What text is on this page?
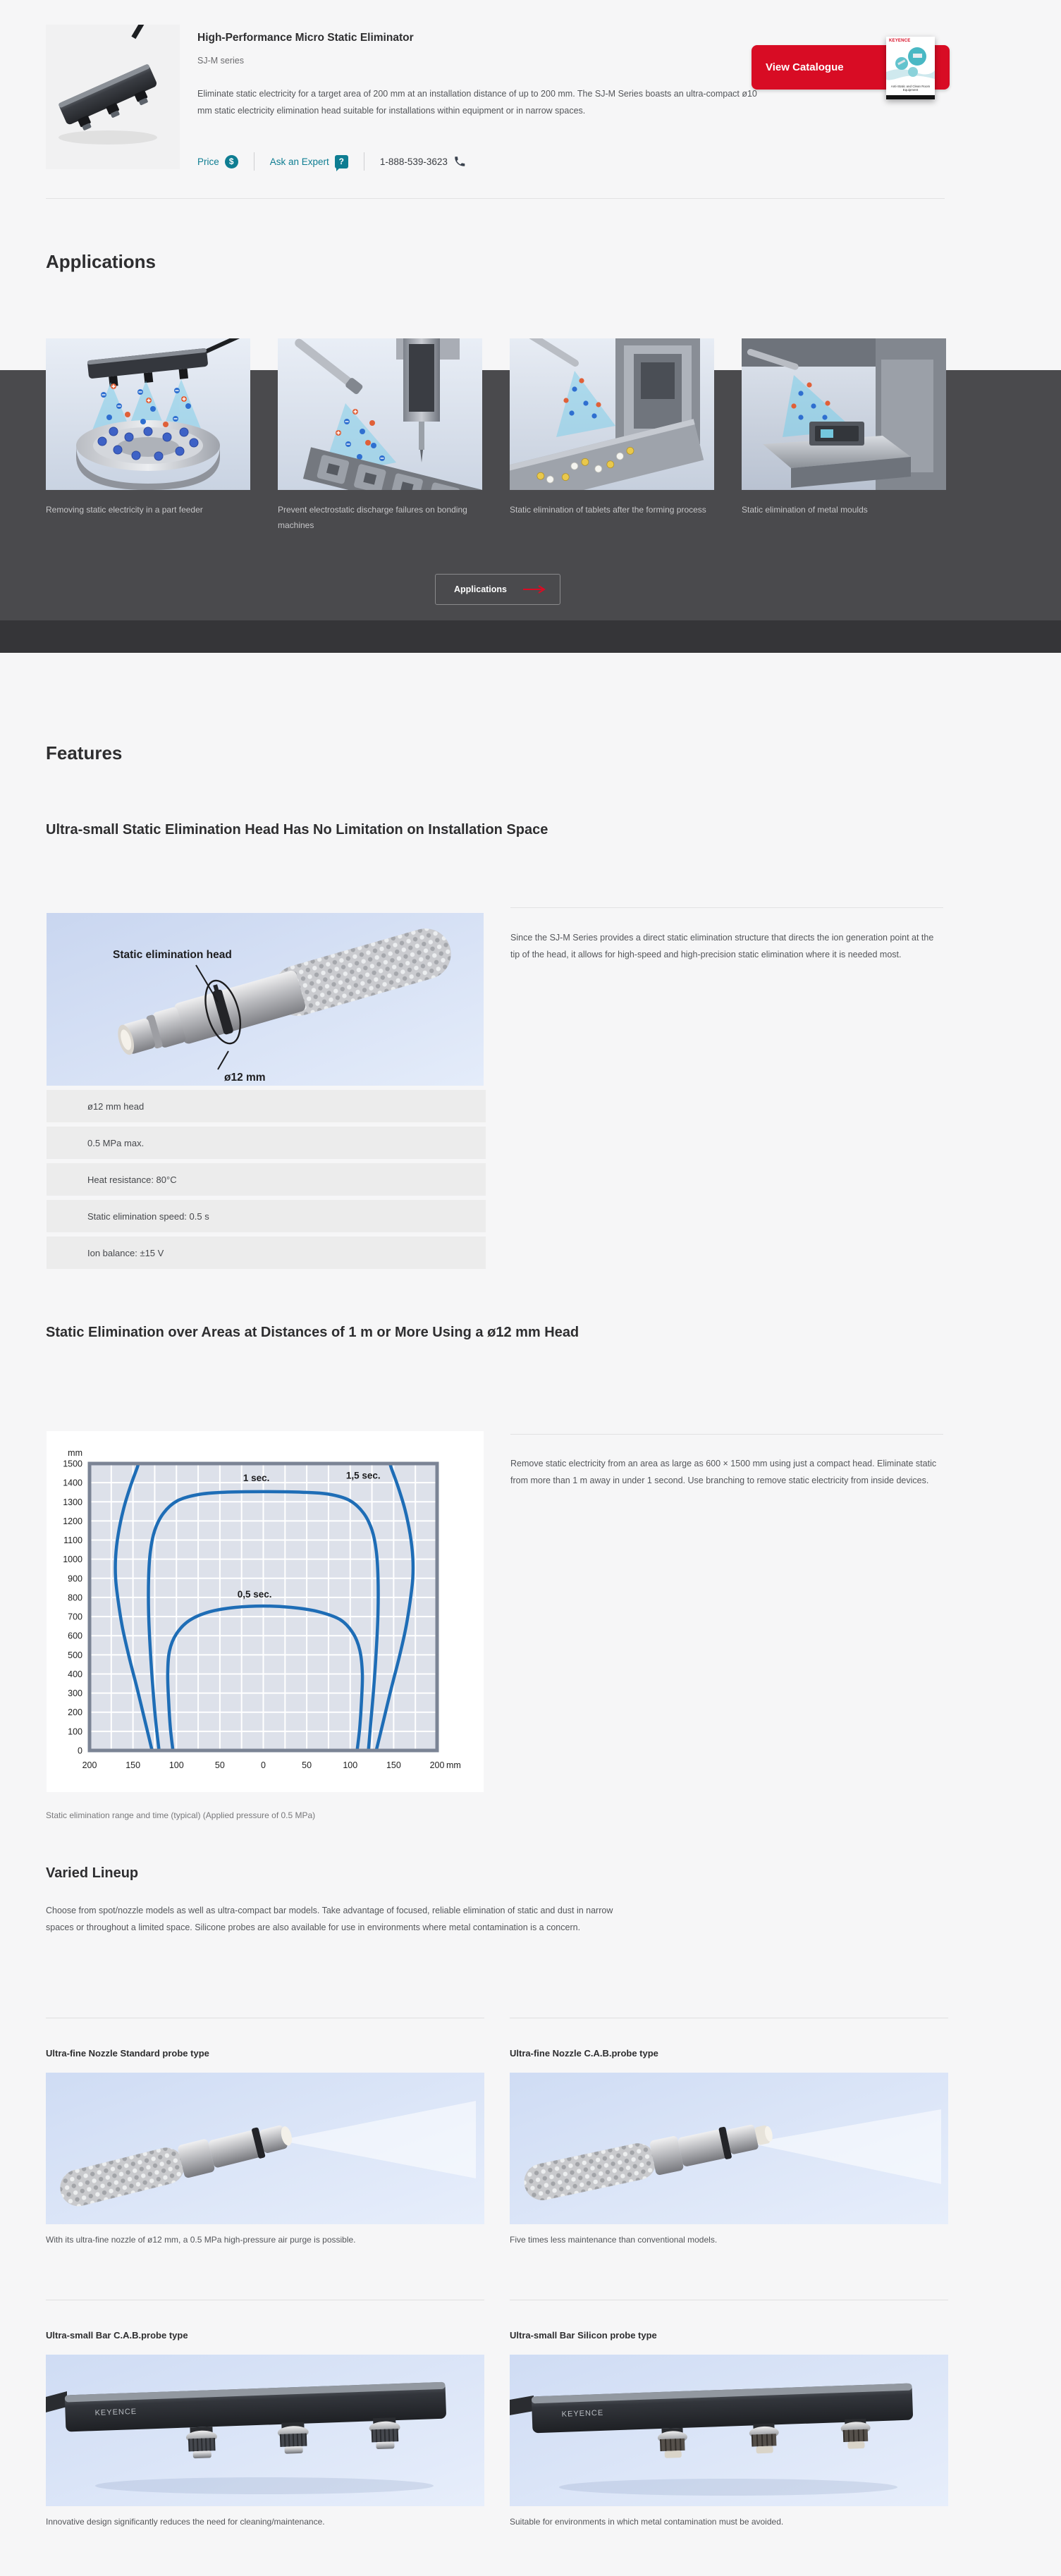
High-Performance Micro Static Eliminator
SJ-M series
Eliminate static electricity for a target area of 200 mm at an installation distance of up to 200 mm. The SJ-M Series boasts an ultra-compact ø10 mm static electricity elimination head suitable for installations within equipment or in narrow spaces.
Price	$	Ask an Expert	?	1-888-539-3623
View Catalogue
KEYENCE
Anti-Static and Clean Room Equipment
Applications
Removing static electricity in a part feeder	Prevent electrostatic discharge failures on bonding machines
Static elimination of tablets after the forming process	Static elimination of metal moulds
Applications
Features
Ultra-small Static Elimination Head Has No Limitation on Installation Space
Static elimination head
ø12 mm
ø12 mm head
0.5 MPa max.
Heat resistance: 80°C
Static elimination speed: 0.5 s
Ion balance: ±15 V
Since the SJ-M Series provides a direct static elimination structure that directs the ion generation point at the tip of the head, it allows for high-speed and high-precision static elimination where it is needed most.
Static Elimination over Areas at Distances of 1 m or More Using a ø12 mm Head
1,5 sec.
1 sec.
0,5 sec.
1500
1400
1300
1200
1100
1000
900
800
700
600
500
400
300
200
100
0
mm
200	150	100	50	0	50	100	150	200 mm
Static elimination range and time (typical) (Applied pressure of 0.5 MPa)
Remove static electricity from an area as large as 600 × 1500 mm using just a compact head. Eliminate static from more than 1 m away in under 1 second. Use branching to remove static electricity from inside devices.
Varied Lineup
Choose from spot/nozzle models as well as ultra-compact bar models. Take advantage of focused, reliable elimination of static and dust in narrow spaces or throughout a limited space. Silicone probes are also available for use in environments where metal contamination is a concern.
Ultra-fine Nozzle Standard probe type
With its ultra-fine nozzle of ø12 mm, a 0.5 MPa high-pressure air purge is possible.
Ultra-fine Nozzle C.A.B.probe type
Five times less maintenance than conventional models.
Ultra-small Bar C.A.B.probe type
KEYENCE
Innovative design significantly reduces the need for cleaning/maintenance.
Ultra-small Bar Silicon probe type
KEYENCE
Suitable for environments in which metal contamination must be avoided.
